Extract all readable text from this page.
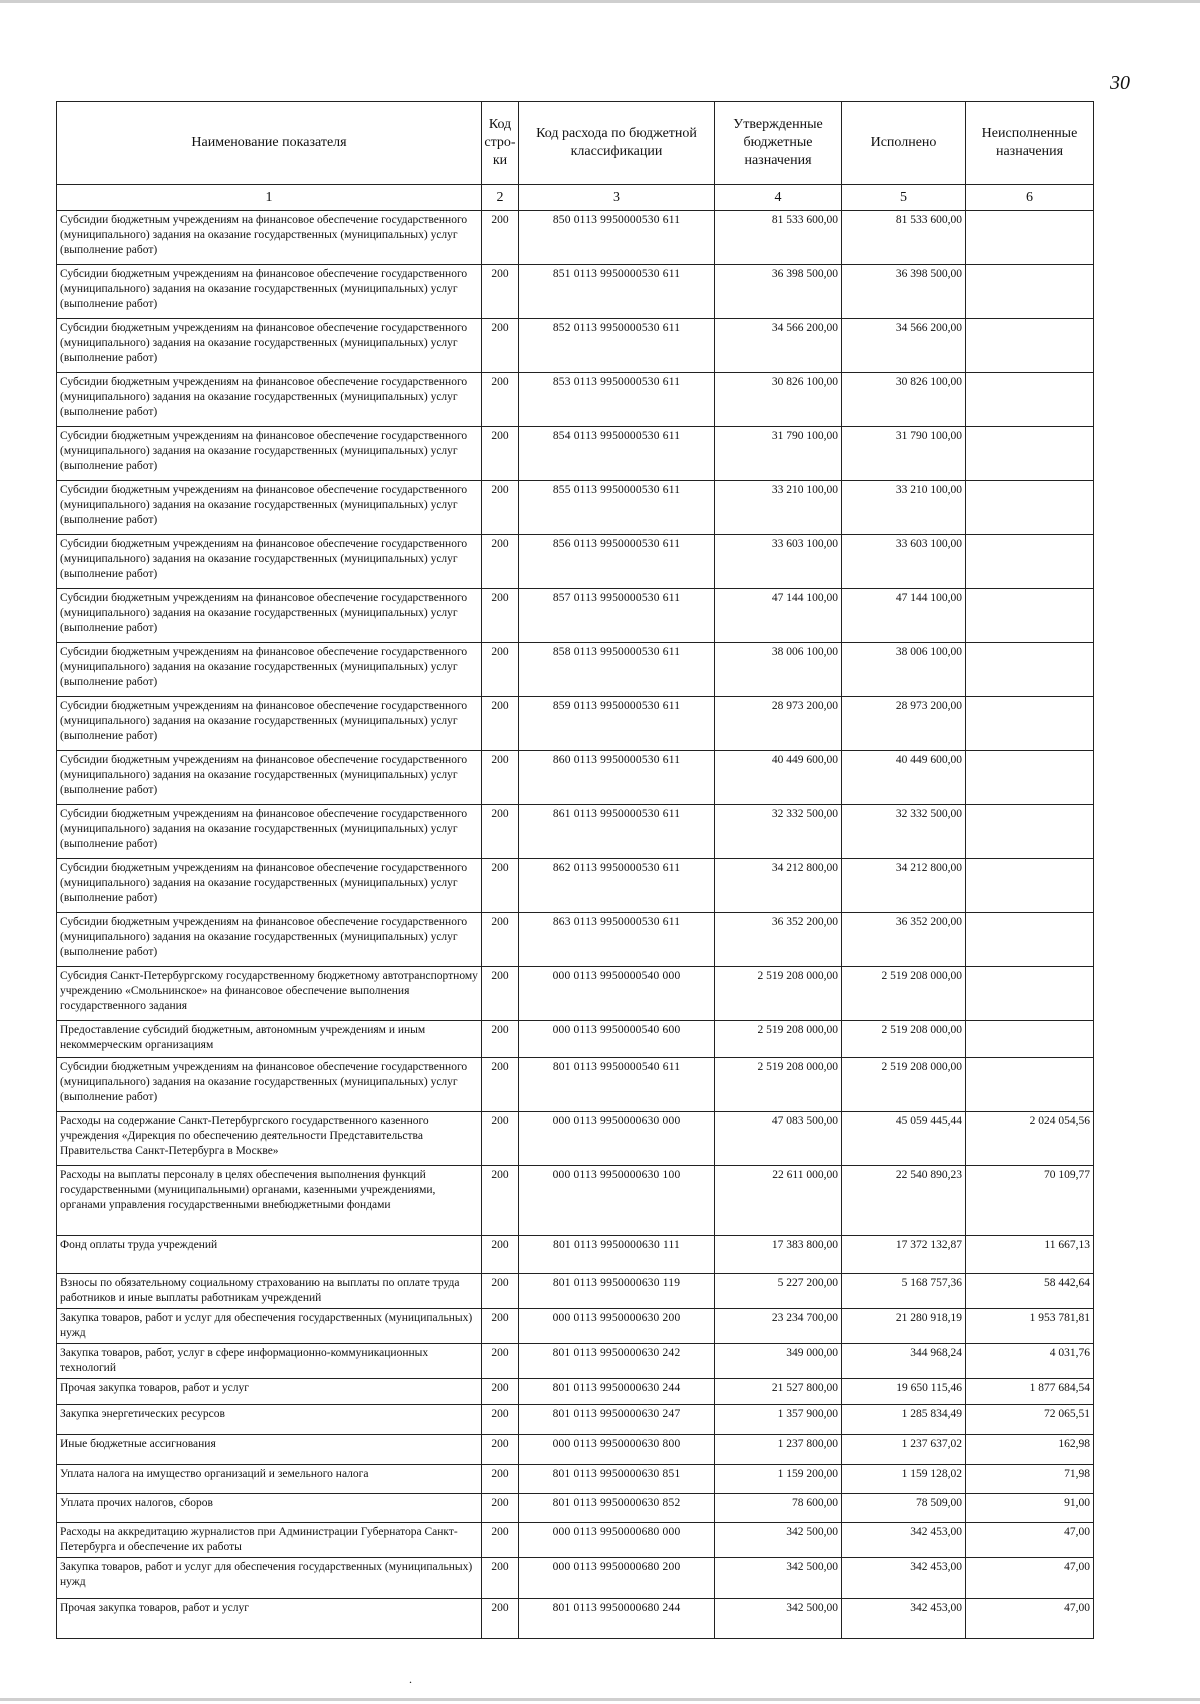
30
Наименование показателя	Код стро-ки	Код расхода по бюджетной классификации	Утвержденные бюджетные назначения	Исполнено	Неисполненные назначения
1	2	3	4	5	6
Субсидии бюджетным учреждениям на финансовое обеспечение государственного (муниципального) задания на оказание государственных (муниципальных) услуг (выполнение работ)	200	850 0113 9950000530 611	81 533 600,00	81 533 600,00	
Субсидии бюджетным учреждениям на финансовое обеспечение государственного (муниципального) задания на оказание государственных (муниципальных) услуг (выполнение работ)	200	851 0113 9950000530 611	36 398 500,00	36 398 500,00	
Субсидии бюджетным учреждениям на финансовое обеспечение государственного (муниципального) задания на оказание государственных (муниципальных) услуг (выполнение работ)	200	852 0113 9950000530 611	34 566 200,00	34 566 200,00	
Субсидии бюджетным учреждениям на финансовое обеспечение государственного (муниципального) задания на оказание государственных (муниципальных) услуг (выполнение работ)	200	853 0113 9950000530 611	30 826 100,00	30 826 100,00	
Субсидии бюджетным учреждениям на финансовое обеспечение государственного (муниципального) задания на оказание государственных (муниципальных) услуг (выполнение работ)	200	854 0113 9950000530 611	31 790 100,00	31 790 100,00	
Субсидии бюджетным учреждениям на финансовое обеспечение государственного (муниципального) задания на оказание государственных (муниципальных) услуг (выполнение работ)	200	855 0113 9950000530 611	33 210 100,00	33 210 100,00	
Субсидии бюджетным учреждениям на финансовое обеспечение государственного (муниципального) задания на оказание государственных (муниципальных) услуг (выполнение работ)	200	856 0113 9950000530 611	33 603 100,00	33 603 100,00	
Субсидии бюджетным учреждениям на финансовое обеспечение государственного (муниципального) задания на оказание государственных (муниципальных) услуг (выполнение работ)	200	857 0113 9950000530 611	47 144 100,00	47 144 100,00	
Субсидии бюджетным учреждениям на финансовое обеспечение государственного (муниципального) задания на оказание государственных (муниципальных) услуг (выполнение работ)	200	858 0113 9950000530 611	38 006 100,00	38 006 100,00	
Субсидии бюджетным учреждениям на финансовое обеспечение государственного (муниципального) задания на оказание государственных (муниципальных) услуг (выполнение работ)	200	859 0113 9950000530 611	28 973 200,00	28 973 200,00	
Субсидии бюджетным учреждениям на финансовое обеспечение государственного (муниципального) задания на оказание государственных (муниципальных) услуг (выполнение работ)	200	860 0113 9950000530 611	40 449 600,00	40 449 600,00	
Субсидии бюджетным учреждениям на финансовое обеспечение государственного (муниципального) задания на оказание государственных (муниципальных) услуг (выполнение работ)	200	861 0113 9950000530 611	32 332 500,00	32 332 500,00	
Субсидии бюджетным учреждениям на финансовое обеспечение государственного (муниципального) задания на оказание государственных (муниципальных) услуг (выполнение работ)	200	862 0113 9950000530 611	34 212 800,00	34 212 800,00	
Субсидии бюджетным учреждениям на финансовое обеспечение государственного (муниципального) задания на оказание государственных (муниципальных) услуг (выполнение работ)	200	863 0113 9950000530 611	36 352 200,00	36 352 200,00	
Субсидия Санкт-Петербургскому государственному бюджетному автотранспортному учреждению «Смольнинское» на финансовое обеспечение выполнения государственного задания	200	000 0113 9950000540 000	2 519 208 000,00	2 519 208 000,00	
Предоставление субсидий бюджетным, автономным учреждениям и иным некоммерческим организациям	200	000 0113 9950000540 600	2 519 208 000,00	2 519 208 000,00	
Субсидии бюджетным учреждениям на финансовое обеспечение государственного (муниципального) задания на оказание государственных (муниципальных) услуг (выполнение работ)	200	801 0113 9950000540 611	2 519 208 000,00	2 519 208 000,00	
Расходы на содержание Санкт-Петербургского государственного казенного учреждения «Дирекция по обеспечению деятельности Представительства Правительства Санкт-Петербурга в Москве»	200	000 0113 9950000630 000	47 083 500,00	45 059 445,44	2 024 054,56
Расходы на выплаты персоналу в целях обеспечения выполнения функций государственными (муниципальными) органами, казенными учреждениями, органами управления государственными внебюджетными фондами	200	000 0113 9950000630 100	22 611 000,00	22 540 890,23	70 109,77
Фонд оплаты труда учреждений	200	801 0113 9950000630 111	17 383 800,00	17 372 132,87	11 667,13
Взносы по обязательному социальному страхованию на выплаты по оплате труда работников и иные выплаты работникам учреждений	200	801 0113 9950000630 119	5 227 200,00	5 168 757,36	58 442,64
Закупка товаров, работ и услуг для обеспечения государственных (муниципальных) нужд	200	000 0113 9950000630 200	23 234 700,00	21 280 918,19	1 953 781,81
Закупка товаров, работ, услуг в сфере информационно-коммуникационных технологий	200	801 0113 9950000630 242	349 000,00	344 968,24	4 031,76
Прочая закупка товаров, работ и услуг	200	801 0113 9950000630 244	21 527 800,00	19 650 115,46	1 877 684,54
Закупка энергетических ресурсов	200	801 0113 9950000630 247	1 357 900,00	1 285 834,49	72 065,51
Иные бюджетные ассигнования	200	000 0113 9950000630 800	1 237 800,00	1 237 637,02	162,98
Уплата налога на имущество организаций и земельного налога	200	801 0113 9950000630 851	1 159 200,00	1 159 128,02	71,98
Уплата прочих налогов, сборов	200	801 0113 9950000630 852	78 600,00	78 509,00	91,00
Расходы на аккредитацию журналистов при Администрации Губернатора Санкт-Петербурга и обеспечение их работы	200	000 0113 9950000680 000	342 500,00	342 453,00	47,00
Закупка товаров, работ и услуг для обеспечения государственных (муниципальных) нужд	200	000 0113 9950000680 200	342 500,00	342 453,00	47,00
Прочая закупка товаров, работ и услуг	200	801 0113 9950000680 244	342 500,00	342 453,00	47,00
.
